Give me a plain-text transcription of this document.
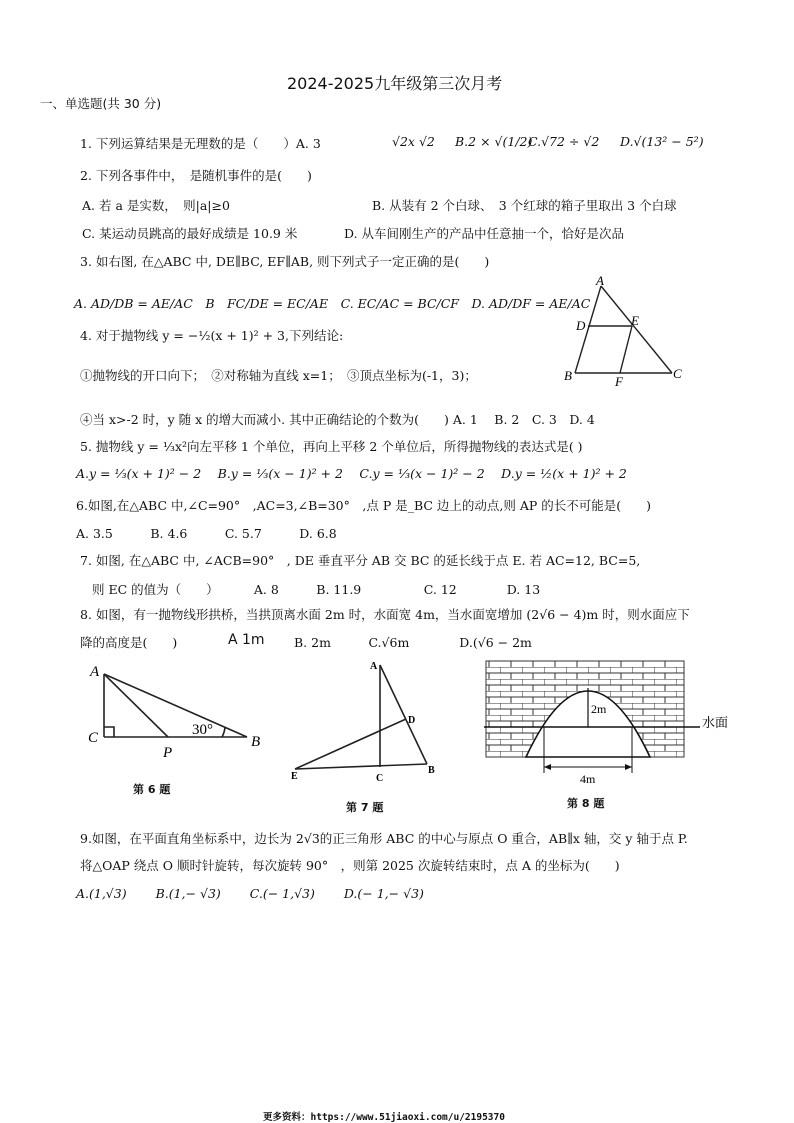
2024-2025九年级第三次月考
一、单选题(共 30 分)
1. 下列运算结果是无理数的是（　　）A. 3	√2x √2 B.2 × √(1/2)
C.√72 ÷ √2 D.√(13² − 5²)
2. 下列各事件中，　是随机事件的是(　　)
A. 若 a 是实数，　则|a|≥0	B. 从装有 2 个白球、　3 个红球的箱子里取出 3 个白球
C. 某运动员跳高的最好成绩是 10.9 米	D. 从车间刚生产的产品中任意抽一个，恰好是次品
3. 如右图, 在△ABC 中, DE∥BC, EF∥AB, 则下列式子一定正确的是(　　)
A. AD/DB = AE/AC　B　FC/DE = EC/AE　C. EC/AC = BC/CF　D. AD/DF = AE/AC
A
D	E
B	F
C
4. 对于抛物线 y = −½(x + 1)² + 3,下列结论:
①抛物线的开口向下；　②对称轴为直线 x=1；　③顶点坐标为(-1，3)；
④当 x>-2 时，y 随 x 的增大而减小. 其中正确结论的个数为(　　) A. 1　 B. 2　C. 3　D. 4
5. 抛物线 y = ⅓x²向左平移 1 个单位，再向上平移 2 个单位后，所得抛物线的表达式是( )
A.y = ⅓(x + 1)² − 2　 B.y = ⅓(x − 1)² + 2　 C.y = ⅓(x − 1)² − 2　 D.y = ½(x + 1)² + 2
6.如图,在△ABC 中,∠C=90°　,AC=3,∠B=30°　,点 P 是_BC 边上的动点,则 AP 的长不可能是(　　)
A. 3.5　　　B. 4.6　　　C. 5.7　　　D. 6.8
7. 如图, 在△ABC 中, ∠ACB=90°　, DE 垂直平分 AB 交 BC 的延长线于点 E. 若 AC=12, BC=5,
则 EC 的值为（　　）　　　 A. 8　　　B. 11.9　　　　　C. 12　　　　D. 13
8. 如图，有一抛物线形拱桥，当拱顶离水面 2m 时，水面宽 4m，当水面宽增加 (2√6 − 4)m 时，则水面应下
降的高度是(　　)	A 1m B. 2m　　　C.√6m　　　　D.(√6 − 2m
A
C
P
30°
B
第 6 题
A
D
E	C
B
第 7 题
2m
4m
水面
第 8 题
9.如图，在平面直角坐标系中，边长为 2√3的正三角形 ABC 的中心与原点 O 重合，AB∥x 轴，交 y 轴于点 P.
将△OAP 绕点 O 顺时针旋转，每次旋转 90°　，则第 2025 次旋转结束时，点 A 的坐标为(　　)
A.(1,√3)　　 B.(1,− √3)　　 C.(− 1,√3)　　 D.(− 1,− √3)
更多资料：https://www.51jiaoxi.com/u/2195370
